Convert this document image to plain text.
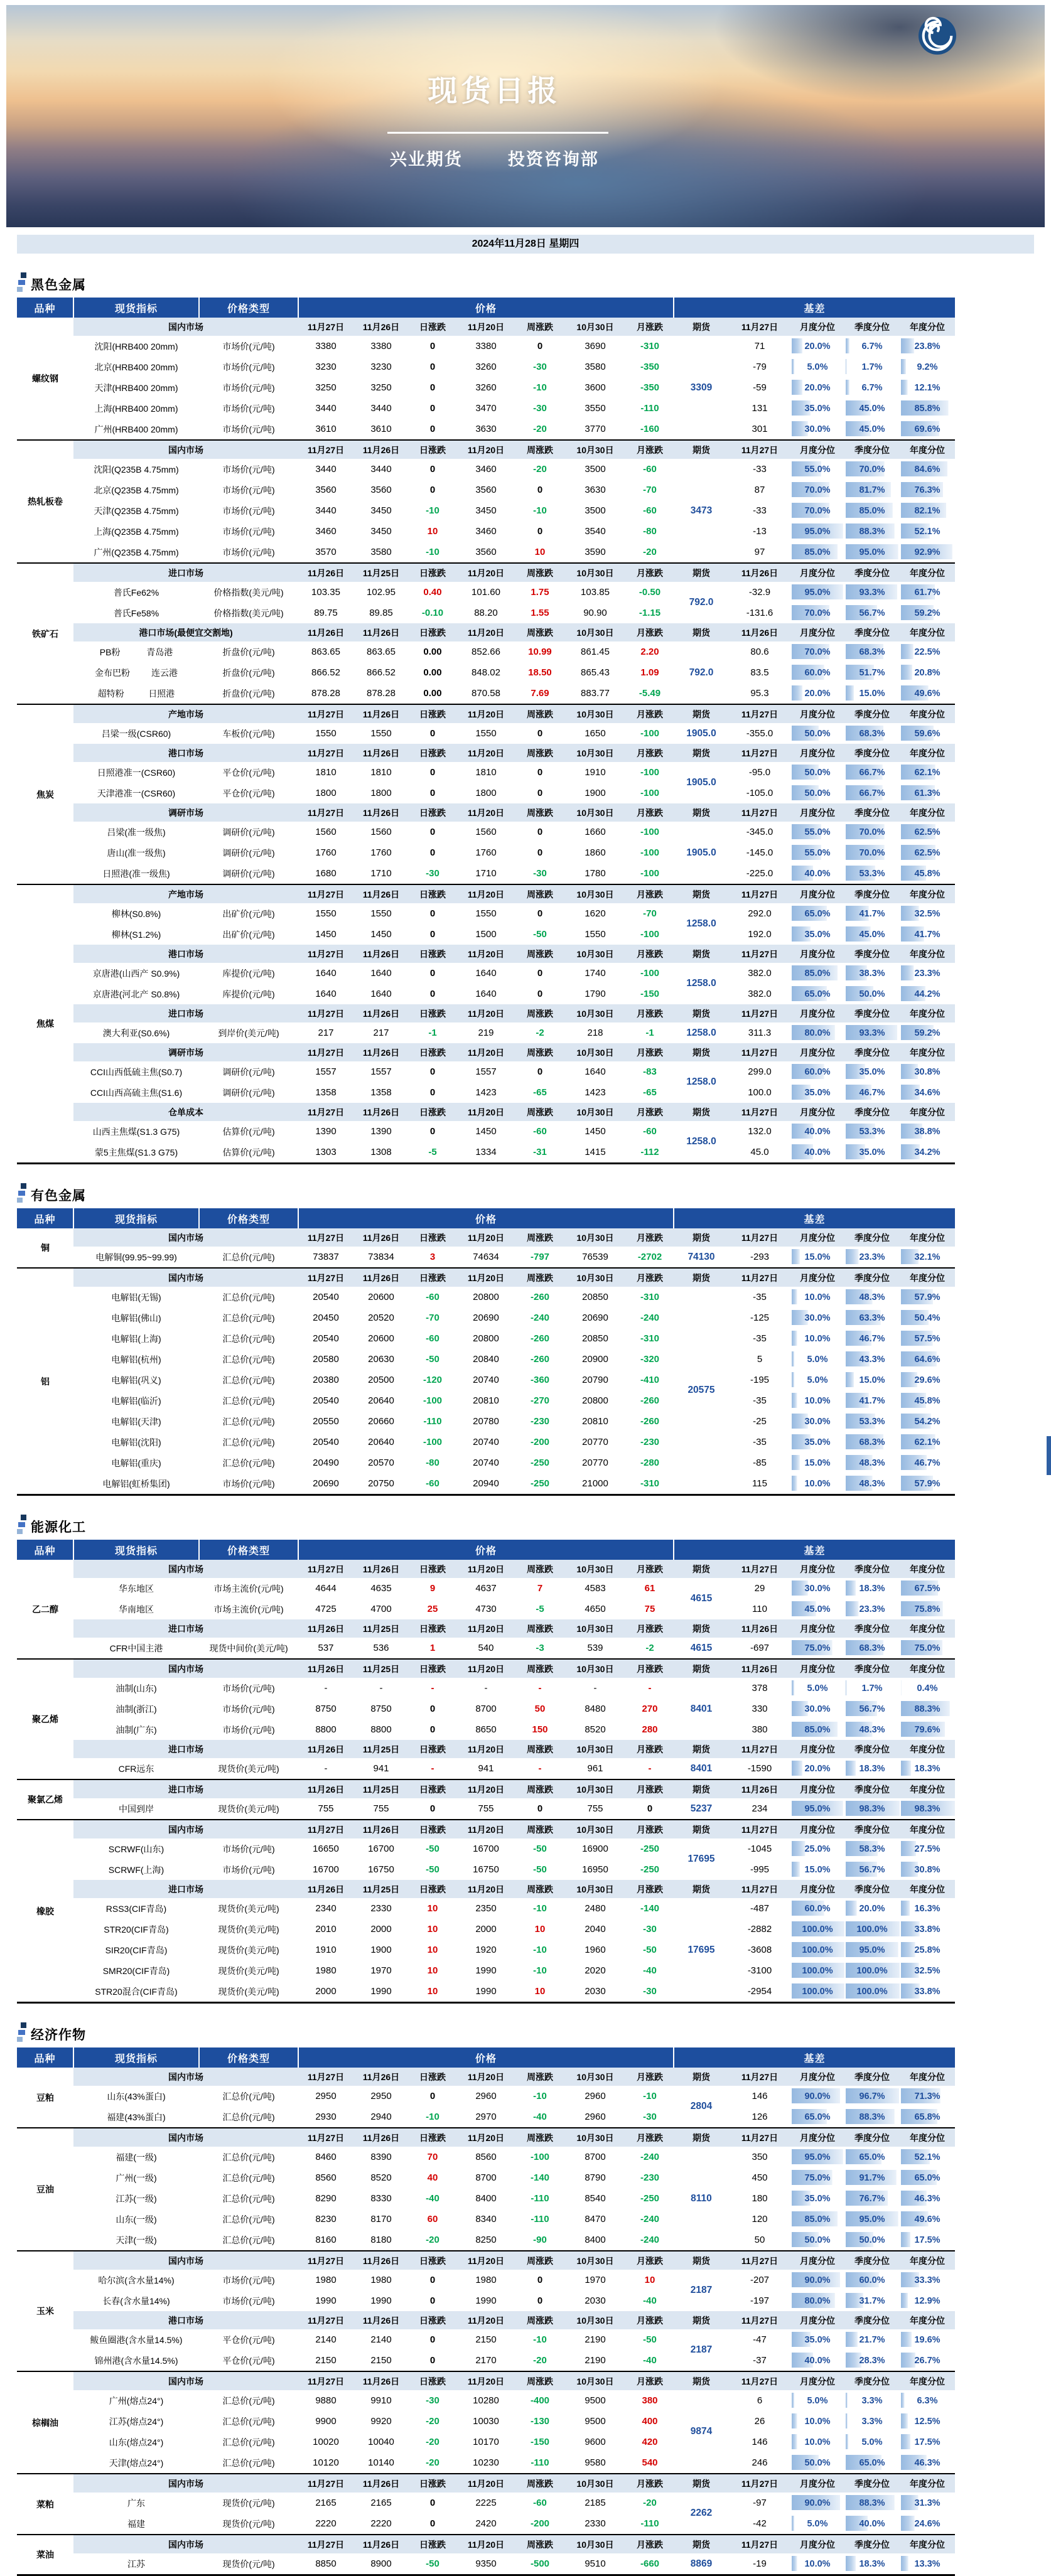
现货日报
兴业期货	投资咨询部
2024年11月28日 星期四
黑色金属
品种	现货指标	价格类型	价格							基差				
螺纹钢	国内市场		11月27日	11月26日	日涨跌	11月20日	周涨跌	10月30日	月涨跌	期货	11月27日	月度分位	季度分位	年度分位
	沈阳(HRB400 20mm)	市场价(元/吨)	3380	3380	0	3380	0	3690	-310	3309	71	20.0%	6.7%	23.8%
	北京(HRB400 20mm)	市场价(元/吨)	3230	3230	0	3260	-30	3580	-350		-79	5.0%	1.7%	9.2%
	天津(HRB400 20mm)	市场价(元/吨)	3250	3250	0	3260	-10	3600	-350		-59	20.0%	6.7%	12.1%
	上海(HRB400 20mm)	市场价(元/吨)	3440	3440	0	3470	-30	3550	-110		131	35.0%	45.0%	85.8%
	广州(HRB400 20mm)	市场价(元/吨)	3610	3610	0	3630	-20	3770	-160		301	30.0%	45.0%	69.6%
热轧板卷	国内市场		11月27日	11月26日	日涨跌	11月20日	周涨跌	10月30日	月涨跌	期货	11月27日	月度分位	季度分位	年度分位
	沈阳(Q235B 4.75mm)	市场价(元/吨)	3440	3440	0	3460	-20	3500	-60	3473	-33	55.0%	70.0%	84.6%
	北京(Q235B 4.75mm)	市场价(元/吨)	3560	3560	0	3560	0	3630	-70		87	70.0%	81.7%	76.3%
	天津(Q235B 4.75mm)	市场价(元/吨)	3440	3450	-10	3450	-10	3500	-60		-33	70.0%	85.0%	82.1%
	上海(Q235B 4.75mm)	市场价(元/吨)	3460	3450	10	3460	0	3540	-80		-13	95.0%	88.3%	52.1%
	广州(Q235B 4.75mm)	市场价(元/吨)	3570	3580	-10	3560	10	3590	-20		97	85.0%	95.0%	92.9%
铁矿石	进口市场		11月26日	11月25日	日涨跌	11月20日	周涨跌	10月30日	月涨跌	期货	11月26日	月度分位	季度分位	年度分位
	普氏Fe62%	价格指数(美元/吨)	103.35	102.95	0.40	101.60	1.75	103.85	-0.50	792.0	-32.9	95.0%	93.3%	61.7%
	普氏Fe58%	价格指数(美元/吨)	89.75	89.85	-0.10	88.20	1.55	90.90	-1.15		-131.6	70.0%	56.7%	59.2%
	港口市场(最便宜交割地)		11月26日	11月26日	日涨跌	11月20日	周涨跌	10月30日	月涨跌	期货	11月26日	月度分位	季度分位	年度分位

	PB粉 青岛港	折盘价(元/吨)	863.65	863.65	0.00	852.66	10.99	861.45	2.20	792.0	80.6	70.0%	68.3%	22.5%

	金布巴粉 连云港	折盘价(元/吨)	866.52	866.52	0.00	848.02	18.50	865.43	1.09		83.5	60.0%	51.7%	20.8%

	超特粉 日照港	折盘价(元/吨)	878.28	878.28	0.00	870.58	7.69	883.77	-5.49		95.3	20.0%	15.0%	49.6%
焦炭	产地市场		11月27日	11月26日	日涨跌	11月20日	周涨跌	10月30日	月涨跌	期货	11月27日	月度分位	季度分位	年度分位
	吕梁一级(CSR60)	车板价(元/吨)	1550	1550	0	1550	0	1650	-100	1905.0	-355.0	50.0%	68.3%	59.6%
	港口市场		11月27日	11月26日	日涨跌	11月20日	周涨跌	10月30日	月涨跌	期货	11月27日	月度分位	季度分位	年度分位
	日照港准一(CSR60)	平仓价(元/吨)	1810	1810	0	1810	0	1910	-100	1905.0	-95.0	50.0%	66.7%	62.1%
	天津港准一(CSR60)	平仓价(元/吨)	1800	1800	0	1800	0	1900	-100		-105.0	50.0%	66.7%	61.3%
	调研市场		11月27日	11月26日	日涨跌	11月20日	周涨跌	10月30日	月涨跌	期货	11月27日	月度分位	季度分位	年度分位
	吕梁(准一级焦)	调研价(元/吨)	1560	1560	0	1560	0	1660	-100	1905.0	-345.0	55.0%	70.0%	62.5%
	唐山(准一级焦)	调研价(元/吨)	1760	1760	0	1760	0	1860	-100		-145.0	55.0%	70.0%	62.5%
	日照港(准一级焦)	调研价(元/吨)	1680	1710	-30	1710	-30	1780	-100		-225.0	40.0%	53.3%	45.8%
焦煤	产地市场		11月27日	11月26日	日涨跌	11月20日	周涨跌	10月30日	月涨跌	期货	11月27日	月度分位	季度分位	年度分位
	柳林(S0.8%)	出矿价(元/吨)	1550	1550	0	1550	0	1620	-70	1258.0	292.0	65.0%	41.7%	32.5%
	柳林(S1.2%)	出矿价(元/吨)	1450	1450	0	1500	-50	1550	-100		192.0	35.0%	45.0%	41.7%
	港口市场		11月27日	11月26日	日涨跌	11月20日	周涨跌	10月30日	月涨跌	期货	11月27日	月度分位	季度分位	年度分位
	京唐港(山西产 S0.9%)	库提价(元/吨)	1640	1640	0	1640	0	1740	-100	1258.0	382.0	85.0%	38.3%	23.3%
	京唐港(河北产 S0.8%)	库提价(元/吨)	1640	1640	0	1640	0	1790	-150		382.0	65.0%	50.0%	44.2%
	进口市场		11月27日	11月26日	日涨跌	11月20日	周涨跌	10月30日	月涨跌	期货	11月27日	月度分位	季度分位	年度分位
	澳大利亚(S0.6%)	到岸价(美元/吨)	217	217	-1	219	-2	218	-1	1258.0	311.3	80.0%	93.3%	59.2%
	调研市场		11月27日	11月26日	日涨跌	11月20日	周涨跌	10月30日	月涨跌	期货	11月27日	月度分位	季度分位	年度分位
	CCI山西低硫主焦(S0.7)	调研价(元/吨)	1557	1557	0	1557	0	1640	-83	1258.0	299.0	60.0%	35.0%	30.8%
	CCI山西高硫主焦(S1.6)	调研价(元/吨)	1358	1358	0	1423	-65	1423	-65		100.0	35.0%	46.7%	34.6%
	仓单成本		11月27日	11月26日	日涨跌	11月20日	周涨跌	10月30日	月涨跌	期货	11月27日	月度分位	季度分位	年度分位
	山西主焦煤(S1.3 G75)	估算价(元/吨)	1390	1390	0	1450	-60	1450	-60	1258.0	132.0	40.0%	53.3%	38.8%
	蒙5主焦煤(S1.3 G75)	估算价(元/吨)	1303	1308	-5	1334	-31	1415	-112		45.0	40.0%	35.0%	34.2%
有色金属
品种	现货指标	价格类型	价格							基差				
铜	国内市场		11月27日	11月26日	日涨跌	11月20日	周涨跌	10月30日	月涨跌	期货	11月27日	月度分位	季度分位	年度分位
	电解铜(99.95~99.99)	汇总价(元/吨)	73837	73834	3	74634	-797	76539	-2702	74130	-293	15.0%	23.3%	32.1%
铝	国内市场		11月27日	11月26日	日涨跌	11月20日	周涨跌	10月30日	月涨跌	期货	11月27日	月度分位	季度分位	年度分位
	电解铝(无锡)	汇总价(元/吨)	20540	20600	-60	20800	-260	20850	-310	20575	-35	10.0%	48.3%	57.9%
	电解铝(佛山)	汇总价(元/吨)	20450	20520	-70	20690	-240	20690	-240		-125	30.0%	63.3%	50.4%
	电解铝(上海)	汇总价(元/吨)	20540	20600	-60	20800	-260	20850	-310		-35	10.0%	46.7%	57.5%
	电解铝(杭州)	汇总价(元/吨)	20580	20630	-50	20840	-260	20900	-320		5	5.0%	43.3%	64.6%
	电解铝(巩义)	汇总价(元/吨)	20380	20500	-120	20740	-360	20790	-410		-195	5.0%	15.0%	29.6%
	电解铝(临沂)	汇总价(元/吨)	20540	20640	-100	20810	-270	20800	-260		-35	10.0%	41.7%	45.8%
	电解铝(天津)	汇总价(元/吨)	20550	20660	-110	20780	-230	20810	-260		-25	30.0%	53.3%	54.2%
	电解铝(沈阳)	汇总价(元/吨)	20540	20640	-100	20740	-200	20770	-230		-35	35.0%	68.3%	62.1%
	电解铝(重庆)	汇总价(元/吨)	20490	20570	-80	20740	-250	20770	-280		-85	15.0%	48.3%	46.7%
	电解铝(虹桥集团)	市场价(元/吨)	20690	20750	-60	20940	-250	21000	-310		115	10.0%	48.3%	57.9%
能源化工
品种	现货指标	价格类型	价格							基差				
乙二醇	国内市场		11月27日	11月26日	日涨跌	11月20日	周涨跌	10月30日	月涨跌	期货	11月27日	月度分位	季度分位	年度分位
	华东地区	市场主流价(元/吨)	4644	4635	9	4637	7	4583	61	4615	29	30.0%	18.3%	67.5%
	华南地区	市场主流价(元/吨)	4725	4700	25	4730	-5	4650	75		110	45.0%	23.3%	75.8%
	进口市场		11月26日	11月25日	日涨跌	11月20日	周涨跌	10月30日	月涨跌	期货	11月26日	月度分位	季度分位	年度分位
	CFR中国主港	现货中间价(美元/吨)	537	536	1	540	-3	539	-2	4615	-697	75.0%	68.3%	75.0%
聚乙烯	国内市场		11月26日	11月25日	日涨跌	11月20日	周涨跌	10月30日	月涨跌	期货	11月26日	月度分位	季度分位	年度分位
	油制(山东)	市场价(元/吨)	-	-	-	-	-	-	-	8401	378	5.0%	1.7%	0.4%
	油制(浙江)	市场价(元/吨)	8750	8750	0	8700	50	8480	270		330	30.0%	56.7%	88.3%
	油制(广东)	市场价(元/吨)	8800	8800	0	8650	150	8520	280		380	85.0%	48.3%	79.6%
	进口市场		11月26日	11月25日	日涨跌	11月20日	周涨跌	10月30日	月涨跌	期货	11月27日	月度分位	季度分位	年度分位
	CFR远东	现货价(美元/吨)	-	941	-	941	-	961	-	8401	-1590	20.0%	18.3%	18.3%
聚氯乙烯	进口市场		11月26日	11月25日	日涨跌	11月20日	周涨跌	10月30日	月涨跌	期货	11月26日	月度分位	季度分位	年度分位
	中国到岸	现货价(美元/吨)	755	755	0	755	0	755	0	5237	234	95.0%	98.3%	98.3%
橡胶	国内市场		11月27日	11月26日	日涨跌	11月20日	周涨跌	10月30日	月涨跌	期货	11月27日	月度分位	季度分位	年度分位
	SCRWF(山东)	市场价(元/吨)	16650	16700	-50	16700	-50	16900	-250	17695	-1045	25.0%	58.3%	27.5%
	SCRWF(上海)	市场价(元/吨)	16700	16750	-50	16750	-50	16950	-250		-995	15.0%	56.7%	30.8%
	进口市场		11月26日	11月25日	日涨跌	11月20日	周涨跌	10月30日	月涨跌	期货	11月27日	月度分位	季度分位	年度分位
	RSS3(CIF青岛)	现货价(美元/吨)	2340	2330	10	2350	-10	2480	-140	17695	-487	60.0%	20.0%	16.3%
	STR20(CIF青岛)	现货价(美元/吨)	2010	2000	10	2000	10	2040	-30		-2882	100.0%	100.0%	33.8%
	SIR20(CIF青岛)	现货价(美元/吨)	1910	1900	10	1920	-10	1960	-50		-3608	100.0%	95.0%	25.8%
	SMR20(CIF青岛)	现货价(美元/吨)	1980	1970	10	1990	-10	2020	-40		-3100	100.0%	100.0%	32.5%
	STR20混合(CIF青岛)	现货价(美元/吨)	2000	1990	10	1990	10	2030	-30		-2954	100.0%	100.0%	33.8%
经济作物
品种	现货指标	价格类型	价格							基差				
豆粕	国内市场		11月27日	11月26日	日涨跌	11月20日	周涨跌	10月30日	月涨跌	期货	11月27日	月度分位	季度分位	年度分位
	山东(43%蛋白)	汇总价(元/吨)	2950	2950	0	2960	-10	2960	-10	2804	146	90.0%	96.7%	71.3%
	福建(43%蛋白)	汇总价(元/吨)	2930	2940	-10	2970	-40	2960	-30		126	65.0%	88.3%	65.8%
豆油	国内市场		11月27日	11月26日	日涨跌	11月20日	周涨跌	10月30日	月涨跌	期货	11月27日	月度分位	季度分位	年度分位
	福建(一级)	汇总价(元/吨)	8460	8390	70	8560	-100	8700	-240	8110	350	95.0%	65.0%	52.1%
	广州(一级)	汇总价(元/吨)	8560	8520	40	8700	-140	8790	-230		450	75.0%	91.7%	65.0%
	江苏(一级)	汇总价(元/吨)	8290	8330	-40	8400	-110	8540	-250		180	35.0%	76.7%	46.3%
	山东(一级)	汇总价(元/吨)	8230	8170	60	8340	-110	8470	-240		120	85.0%	95.0%	49.6%
	天津(一级)	汇总价(元/吨)	8160	8180	-20	8250	-90	8400	-240		50	50.0%	50.0%	17.5%
玉米	国内市场		11月27日	11月26日	日涨跌	11月20日	周涨跌	10月30日	月涨跌	期货	11月27日	月度分位	季度分位	年度分位
	哈尔滨(含水量14%)	市场价(元/吨)	1980	1980	0	1980	0	1970	10	2187	-207	90.0%	60.0%	33.3%
	长春(含水量14%)	市场价(元/吨)	1990	1990	0	1990	0	2030	-40		-197	80.0%	31.7%	12.9%
	港口市场		11月27日	11月26日	日涨跌	11月20日	周涨跌	10月30日	月涨跌	期货	11月27日	月度分位	季度分位	年度分位
	鲅鱼圈港(含水量14.5%)	平仓价(元/吨)	2140	2140	0	2150	-10	2190	-50	2187	-47	35.0%	21.7%	19.6%
	锦州港(含水量14.5%)	平仓价(元/吨)	2150	2150	0	2170	-20	2190	-40		-37	40.0%	28.3%	26.7%
棕榈油	国内市场		11月27日	11月26日	日涨跌	11月20日	周涨跌	10月30日	月涨跌	期货	11月27日	月度分位	季度分位	年度分位
	广州(熔点24°)	汇总价(元/吨)	9880	9910	-30	10280	-400	9500	380	9874	6	5.0%	3.3%	6.3%
	江苏(熔点24°)	汇总价(元/吨)	9900	9920	-20	10030	-130	9500	400		26	10.0%	3.3%	12.5%
	山东(熔点24°)	汇总价(元/吨)	10020	10040	-20	10170	-150	9600	420		146	10.0%	5.0%	17.5%
	天津(熔点24°)	汇总价(元/吨)	10120	10140	-20	10230	-110	9580	540		246	50.0%	65.0%	46.3%
菜粕	国内市场		11月27日	11月26日	日涨跌	11月20日	周涨跌	10月30日	月涨跌	期货	11月27日	月度分位	季度分位	年度分位
	广东	现货价(元/吨)	2165	2165	0	2225	-60	2185	-20	2262	-97	90.0%	88.3%	31.3%
	福建	现货价(元/吨)	2220	2220	0	2420	-200	2330	-110		-42	5.0%	40.0%	24.6%
菜油	国内市场		11月27日	11月26日	日涨跌	11月20日	周涨跌	10月30日	月涨跌	期货	11月27日	月度分位	季度分位	年度分位
	江苏	现货价(元/吨)	8850	8900	-50	9350	-500	9510	-660	8869	-19	10.0%	18.3%	13.3%
